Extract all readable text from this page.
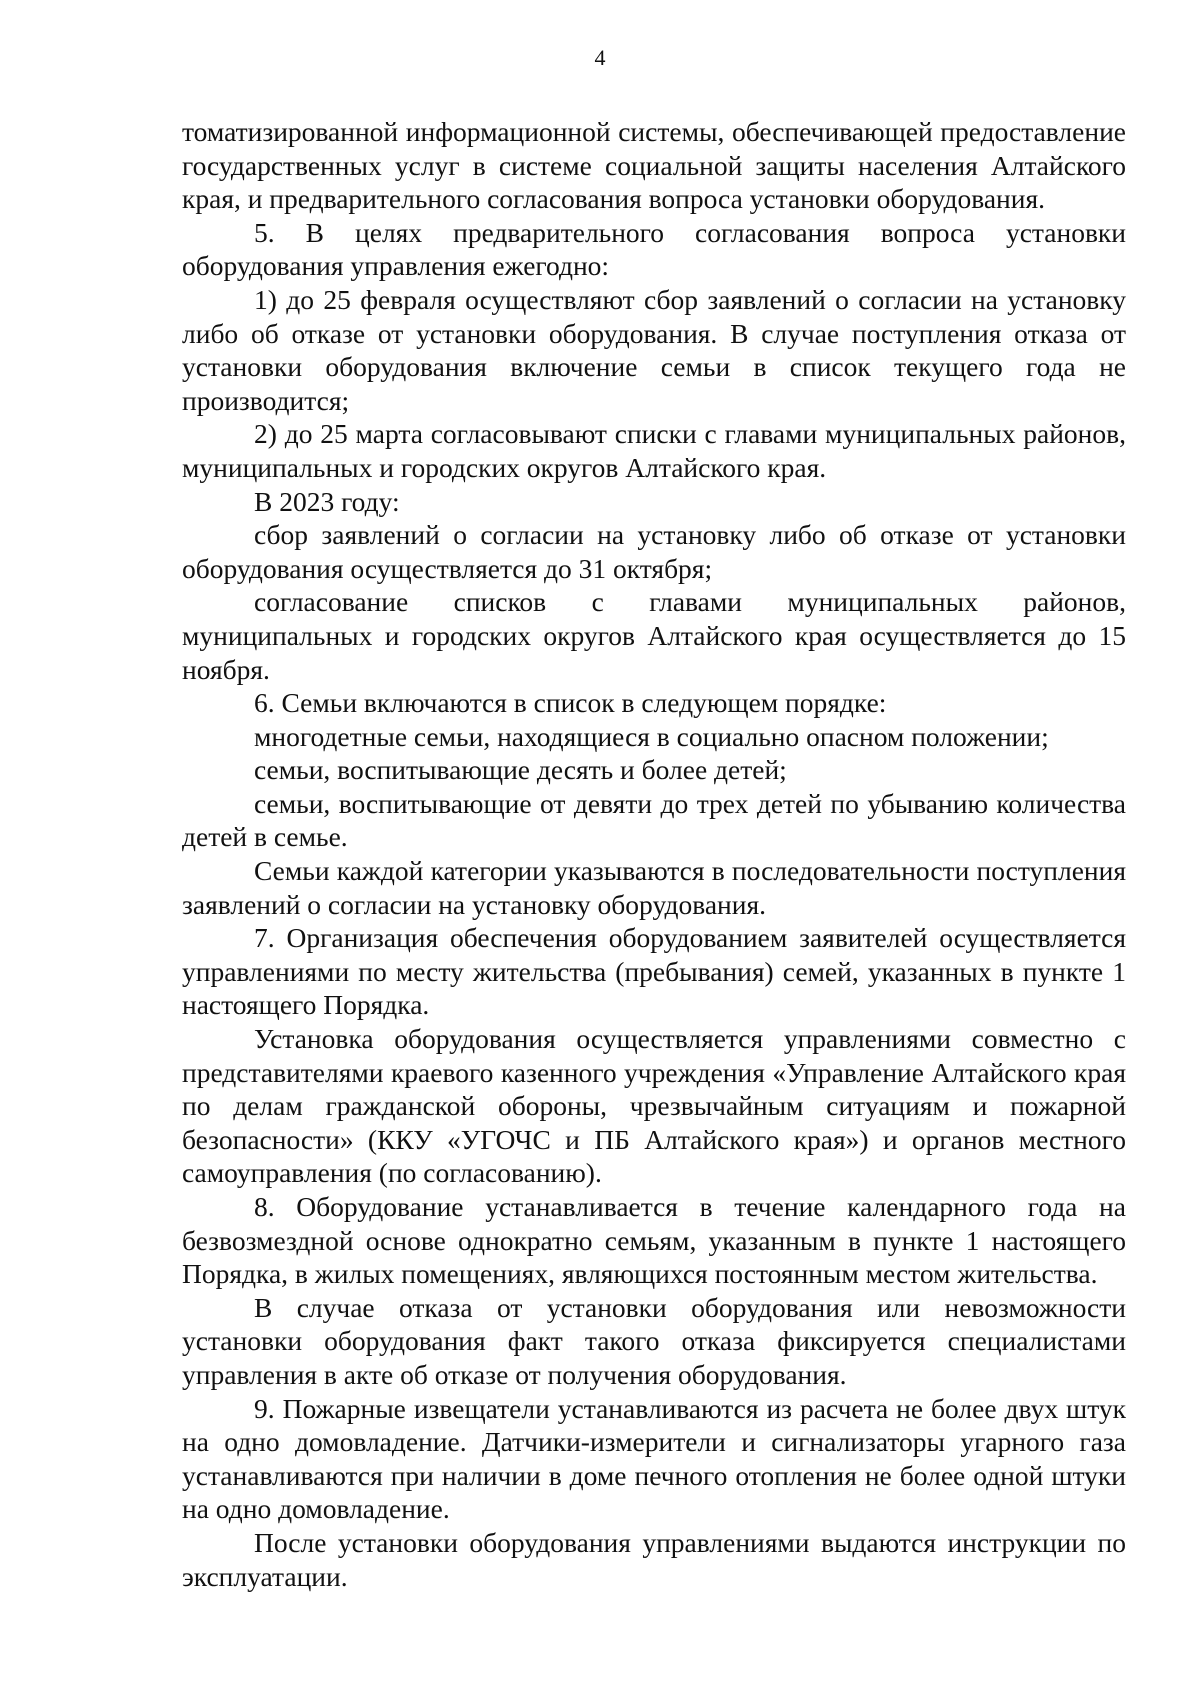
4

томатизированной информационной системы, обеспечивающей предоставление государственных услуг в системе социальной защиты населения Алтайского края, и предварительного согласования вопроса установки оборудования.

5. В целях предварительного согласования вопроса установки оборудования управления ежегодно:

1) до 25 февраля осуществляют сбор заявлений о согласии на установку либо об отказе от установки оборудования. В случае поступления отказа от установки оборудования включение семьи в список текущего года не производится;

2) до 25 марта согласовывают списки с главами муниципальных районов, муниципальных и городских округов Алтайского края.

В 2023 году:

сбор заявлений о согласии на установку либо об отказе от установки оборудования осуществляется до 31 октября;

согласование списков с главами муниципальных районов, муниципальных и городских округов Алтайского края осуществляется до 15 ноября.

6. Семьи включаются в список в следующем порядке:

многодетные семьи, находящиеся в социально опасном положении;

семьи, воспитывающие десять и более детей;

семьи, воспитывающие от девяти до трех детей по убыванию количества детей в семье.

Семьи каждой категории указываются в последовательности поступления заявлений о согласии на установку оборудования.

7. Организация обеспечения оборудованием заявителей осуществляется управлениями по месту жительства (пребывания) семей, указанных в пункте 1 настоящего Порядка.

Установка оборудования осуществляется управлениями совместно с представителями краевого казенного учреждения «Управление Алтайского края по делам гражданской обороны, чрезвычайным ситуациям и пожарной безопасности» (ККУ «УГОЧС и ПБ Алтайского края») и органов местного самоуправления (по согласованию).

8. Оборудование устанавливается в течение календарного года на безвозмездной основе однократно семьям, указанным в пункте 1 настоящего Порядка, в жилых помещениях, являющихся постоянным местом жительства.

В случае отказа от установки оборудования или невозможности установки оборудования факт такого отказа фиксируется специалистами управления в акте об отказе от получения оборудования.

9. Пожарные извещатели устанавливаются из расчета не более двух штук на одно домовладение. Датчики-измерители и сигнализаторы угарного газа устанавливаются при наличии в доме печного отопления не более одной штуки на одно домовладение.

После установки оборудования управлениями выдаются инструкции по эксплуатации.
